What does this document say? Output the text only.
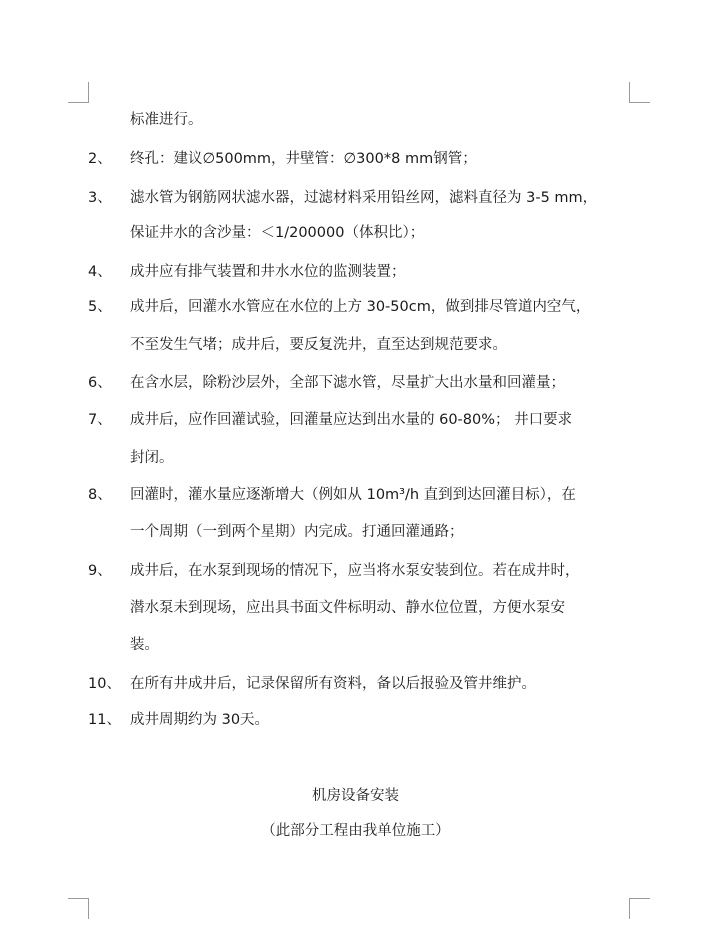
标准进行。
2、 终孔：建议∅500mm，井壁管：∅300*8 mm钢管；
3、 滤水管为钢筋网状滤水器，过滤材料采用铅丝网，滤料直径为 3-5 mm，
保证井水的含沙量：＜1/200000（体积比）；
4、 成井应有排气装置和井水水位的监测装置；
5、 成井后，回灌水水管应在水位的上方 30-50cm，做到排尽管道内空气，
不至发生气堵；成井后，要反复洗井，直至达到规范要求。
6、 在含水层，除粉沙层外，全部下滤水管，尽量扩大出水量和回灌量；
7、 成井后，应作回灌试验，回灌量应达到出水量的 60-80%； 井口要求
封闭。
8、 回灌时，灌水量应逐渐增大（例如从 10m³/h 直到到达回灌目标），在
一个周期（一到两个星期）内完成。打通回灌通路；
9、 成井后，在水泵到现场的情况下，应当将水泵安装到位。若在成井时，
潜水泵未到现场，应出具书面文件标明动、静水位位置，方便水泵安
装。
10、 在所有井成井后，记录保留所有资料，备以后报验及管井维护。
11、 成井周期约为 30天。
机房设备安装
（此部分工程由我单位施工）
